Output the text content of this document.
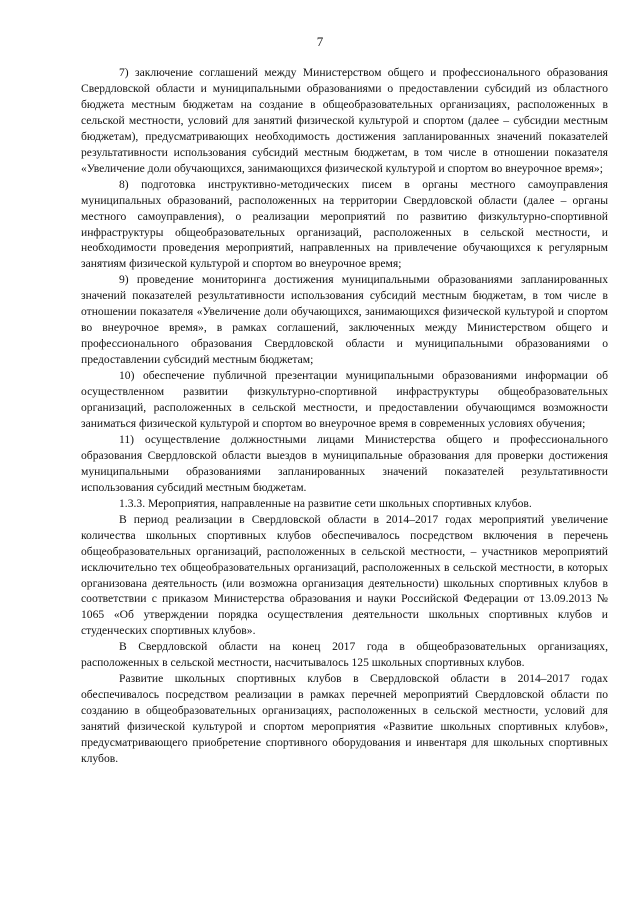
7

7) заключение соглашений между Министерством общего и профессионального образования Свердловской области и муниципальными образованиями о предоставлении субсидий из областного бюджета местным бюджетам на создание в общеобразовательных организациях, расположенных в сельской местности, условий для занятий физической культурой и спортом (далее – субсидии местным бюджетам), предусматривающих необходимость достижения запланированных значений показателей результативности использования субсидий местным бюджетам, в том числе в отношении показателя «Увеличение доли обучающихся, занимающихся физической культурой и спортом во внеурочное время»;

8) подготовка инструктивно-методических писем в органы местного самоуправления муниципальных образований, расположенных на территории Свердловской области (далее – органы местного самоуправления), о реализации мероприятий по развитию физкультурно-спортивной инфраструктуры общеобразовательных организаций, расположенных в сельской местности, и необходимости проведения мероприятий, направленных на привлечение обучающихся к регулярным занятиям физической культурой и спортом во внеурочное время;

9) проведение мониторинга достижения муниципальными образованиями запланированных значений показателей результативности использования субсидий местным бюджетам, в том числе в отношении показателя «Увеличение доли обучающихся, занимающихся физической культурой и спортом во внеурочное время», в рамках соглашений, заключенных между Министерством общего и профессионального образования Свердловской области и муниципальными образованиями о предоставлении субсидий местным бюджетам;

10) обеспечение публичной презентации муниципальными образованиями информации об осуществленном развитии физкультурно-спортивной инфраструктуры общеобразовательных организаций, расположенных в сельской местности, и предоставлении обучающимся возможности заниматься физической культурой и спортом во внеурочное время в современных условиях обучения;

11) осуществление должностными лицами Министерства общего и профессионального образования Свердловской области выездов в муниципальные образования для проверки достижения муниципальными образованиями запланированных значений показателей результативности использования субсидий местным бюджетам.

1.3.3. Мероприятия, направленные на развитие сети школьных спортивных клубов.

В период реализации в Свердловской области в 2014–2017 годах мероприятий увеличение количества школьных спортивных клубов обеспечивалось посредством включения в перечень общеобразовательных организаций, расположенных в сельской местности, – участников мероприятий исключительно тех общеобразовательных организаций, расположенных в сельской местности, в которых организована деятельность (или возможна организация деятельности) школьных спортивных клубов в соответствии с приказом Министерства образования и науки Российской Федерации от 13.09.2013 № 1065 «Об утверждении порядка осуществления деятельности школьных спортивных клубов и студенческих спортивных клубов».

В Свердловской области на конец 2017 года в общеобразовательных организациях, расположенных в сельской местности, насчитывалось 125 школьных спортивных клубов.

Развитие школьных спортивных клубов в Свердловской области в 2014–2017 годах обеспечивалось посредством реализации в рамках перечней мероприятий Свердловской области по созданию в общеобразовательных организациях, расположенных в сельской местности, условий для занятий физической культурой и спортом мероприятия «Развитие школьных спортивных клубов», предусматривающего приобретение спортивного оборудования и инвентаря для школьных спортивных клубов.
